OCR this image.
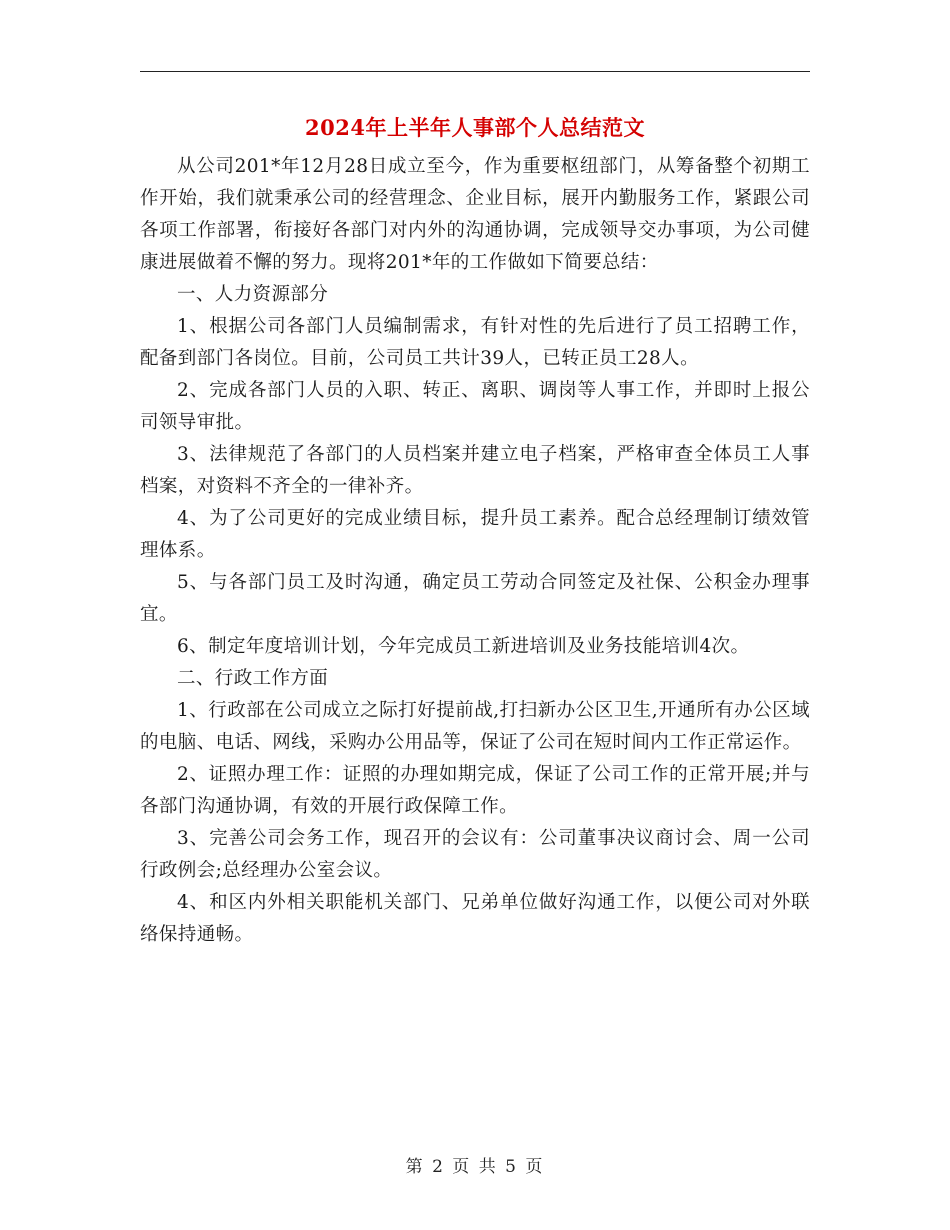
2024年上半年人事部个人总结范文

从公司201*年12月28日成立至今，作为重要枢纽部门，从筹备整个初期工作开始，我们就秉承公司的经营理念、企业目标，展开内勤服务工作，紧跟公司各项工作部署，衔接好各部门对内外的沟通协调，完成领导交办事项，为公司健康进展做着不懈的努力。现将201*年的工作做如下简要总结：

一、人力资源部分

1、根据公司各部门人员编制需求，有针对性的先后进行了员工招聘工作，配备到部门各岗位。目前，公司员工共计39人，已转正员工28人。

2、完成各部门人员的入职、转正、离职、调岗等人事工作，并即时上报公司领导审批。

3、法律规范了各部门的人员档案并建立电子档案，严格审查全体员工人事档案，对资料不齐全的一律补齐。

4、为了公司更好的完成业绩目标，提升员工素养。配合总经理制订绩效管理体系。

5、与各部门员工及时沟通，确定员工劳动合同签定及社保、公积金办理事宜。

6、制定年度培训计划，今年完成员工新进培训及业务技能培训4次。

二、行政工作方面

1、行政部在公司成立之际打好提前战,打扫新办公区卫生,开通所有办公区域的电脑、电话、网线，采购办公用品等，保证了公司在短时间内工作正常运作。

2、证照办理工作：证照的办理如期完成，保证了公司工作的正常开展;并与各部门沟通协调，有效的开展行政保障工作。

3、完善公司会务工作，现召开的会议有：公司董事决议商讨会、周一公司行政例会;总经理办公室会议。

4、和区内外相关职能机关部门、兄弟单位做好沟通工作，以便公司对外联络保持通畅。

第 2 页 共 5 页
